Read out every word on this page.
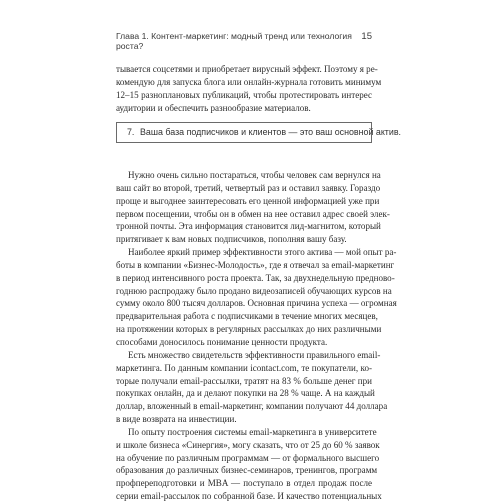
Глава 1. Контент-маркетинг: модный тренд или технология роста?
15
тывается соцсетями и приобретает вирусный эффект. Поэтому я ре-
комендую для запуска блога или онлайн-журнала готовить минимум
12–15 разноплановых публикаций, чтобы протестировать интерес
аудитории и обеспечить разнообразие материалов.
7. Ваша база подписчиков и клиентов — это ваш основной актив.
Нужно очень сильно постараться, чтобы человек сам вернулся на
ваш сайт во второй, третий, четвертый раз и оставил заявку. Гораздо
проще и выгоднее заинтересовать его ценной информацией уже при
первом посещении, чтобы он в обмен на нее оставил адрес своей элек-
тронной почты. Эта информация становится лид-магнитом, который
притягивает к вам новых подписчиков, пополняя вашу базу.
Наиболее яркий пример эффективности этого актива — мой опыт ра-
боты в компании «Бизнес-Молодость», где я отвечал за email-маркетинг
в период интенсивного роста проекта. Так, за двухнедельную предново-
годнюю распродажу было продано видеозаписей обучающих курсов на
сумму около 800 тысяч долларов. Основная причина успеха — огромная
предварительная работа с подписчиками в течение многих месяцев,
на протяжении которых в регулярных рассылках до них различными
способами доносилось понимание ценности продукта.
Есть множество свидетельств эффективности правильного email-
маркетинга. По данным компании icontact.com, те покупатели, ко-
торые получали email-рассылки, тратят на 83 % больше денег при
покупках онлайн, да и делают покупки на 28 % чаще. А на каждый
доллар, вложенный в email-маркетинг, компании получают 44 доллара
в виде возврата на инвестиции.
По опыту построения системы email-маркетинга в университете
и школе бизнеса «Синергия», могу сказать, что от 25 до 60 % заявок
на обучение по различным программам — от формального высшего
образования до различных бизнес-семинаров, тренингов, программ
профпереподготовки и MBA — поступало в отдел продаж после
серии email-рассылок по собранной базе. И качество потенциальных
